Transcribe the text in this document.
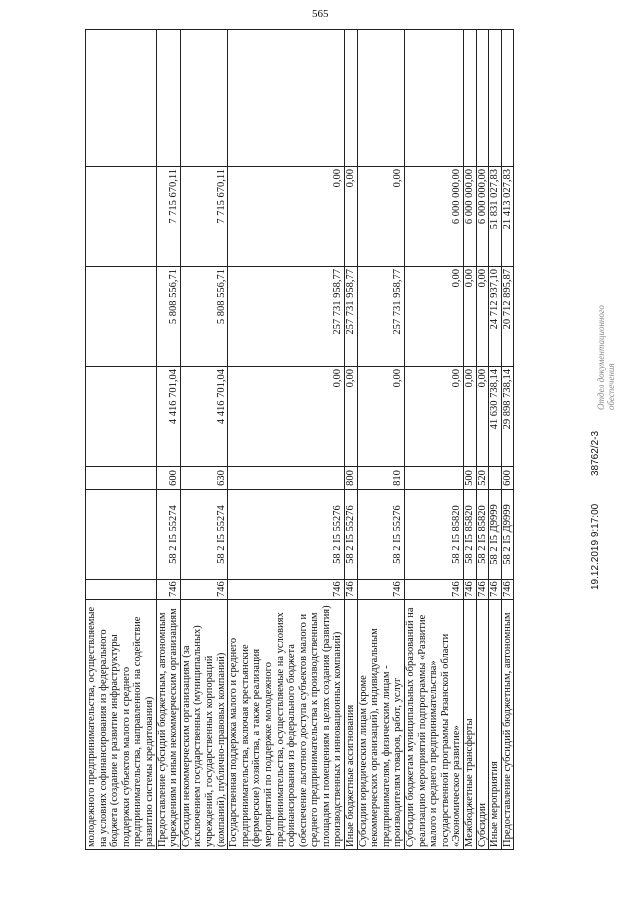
565
молодежного предпринимательства, осуществляемые на условиях софинансирования из федерального бюджета (создание и развитие инфраструктуры поддержки субъектов малого и среднего предпринимательства, направленной на содействие развитию системы кредитования)							
Предоставление субсидий бюджетным, автономным учреждениям и иным некоммерческим организациям	746	58 2 I5 55274	600	4 416 701,04	5 808 556,71	7 715 670,11	
Субсидии некоммерческим организациям (за исключением государственных (муниципальных) учреждений, государственных корпораций (компаний), публично-правовых компаний)	746	58 2 I5 55274	630	4 416 701,04	5 808 556,71	7 715 670,11	
Государственная поддержка малого и среднего предпринимательства, включая крестьянские (фермерские) хозяйства, а также реализация мероприятий по поддержке молодежного предпринимательства, осуществляемые на условиях софинансирования из федерального бюджета (обеспечение льготного доступа субъектов малого и среднего предпринимательства к производственным площадям и помещениям в целях создания (развития) производственных и инновационных компаний)	746	58 2 I5 55276		0,00	257 731 958,77	0,00	
Иные бюджетные ассигнования	746	58 2 I5 55276	800	0,00	257 731 958,77	0,00	
Субсидии юридическим лицам (кроме некоммерческих организаций), индивидуальным предпринимателям, физическим лицам - производителям товаров, работ, услуг	746	58 2 I5 55276	810	0,00	257 731 958,77	0,00	
Субсидии бюджетам муниципальных образований на реализацию мероприятий подпрограммы «Развитие малого и среднего предпринимательства» государственной программы Рязанской области «Экономическое развитие»	746	58 2 I5 85820		0,00	0,00	6 000 000,00	
Межбюджетные трансферты	746	58 2 I5 85820	500	0,00	0,00	6 000 000,00	
Субсидии	746	58 2 I5 85820	520	0,00	0,00	6 000 000,00	
Иные мероприятия	746	58 2 I5 Д9999		41 630 738,14	24 712 937,10	51 831 027,83	
Предоставление субсидий бюджетным, автономным	746	58 2 I5 Д9999	600	29 898 738,14	20 712 895,87	21 413 027,83	
19.12.2019 9:17:00          38762/2-3
Отдел документационного обеспечения
